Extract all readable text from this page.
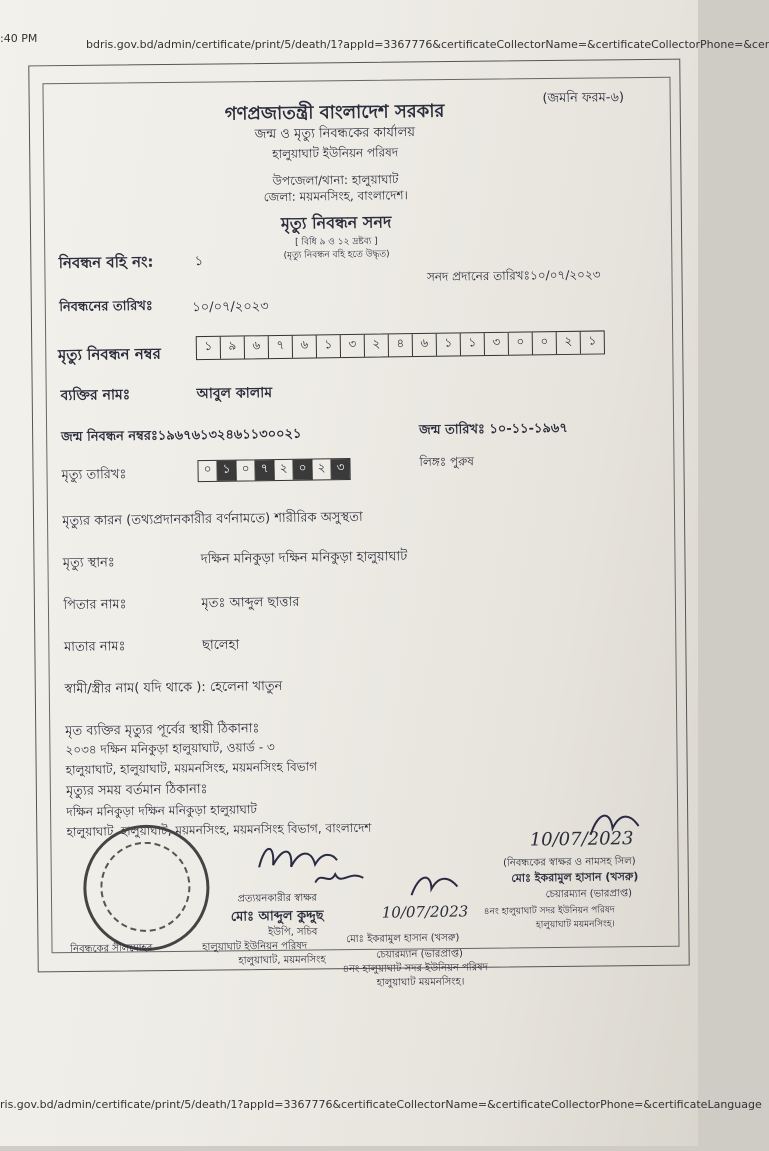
:40 PM	bdris.gov.bd/admin/certificate/print/5/death/1?appId=3367776&certificateCollectorName=&certificateCollectorPhone=&cer
গণপ্রজাতন্ত্রী বাংলাদেশ সরকার
(জমনি ফরম-৬)
জন্ম ও মৃত্যু নিবন্ধকের কার্যালয়
হালুয়াঘাট ইউনিয়ন পরিষদ
উপজেলা/থানা: হালুয়াঘাট
জেলা: ময়মনসিংহ, বাংলাদেশ।
মৃত্যু নিবন্ধন সনদ
[ বিধি ৯ ও ১২ দ্রষ্টব্য ]
(মৃত্যু নিবন্ধন বহি হতে উদ্ধৃত)
নিবন্ধন বহি নং:	১
সনদ প্রদানের তারিখঃ১০/০৭/২০২৩
নিবন্ধনের তারিখঃ	১০/০৭/২০২৩
মৃত্যু নিবন্ধন নম্বর	১	৯	৬	৭	৬	১	৩	২	৪	৬	১	১	৩	০	০	২	১
ব্যক্তির নামঃ	আবুল কালাম
জন্ম নিবন্ধন নম্বরঃ১৯৬৭৬১৩২৪৬১১৩০০২১	জন্ম তারিখঃ ১০-১১-১৯৬৭
মৃত্যু তারিখঃ	০ ১ ০ ৭ ২ ০ ২ ৩	লিঙ্গঃ পুরুষ
মৃত্যুর কারন (তথ্যপ্রদানকারীর বর্ণনামতে) শারীরিক অসুস্থতা
মৃত্যু স্থানঃ	দক্ষিন মনিকুড়া দক্ষিন মনিকুড়া হালুয়াঘাট
পিতার নামঃ	মৃতঃ আব্দুল ছাত্তার
মাতার নামঃ	ছালেহা
স্বামী/স্ত্রীর নাম( যদি থাকে ): হেলেনা খাতুন
মৃত ব্যক্তির মৃত্যুর পূর্বের স্থায়ী ঠিকানাঃ
২০৩৪ দক্ষিন মনিকুড়া হালুয়াঘাট, ওয়ার্ড - ৩
হালুয়াঘাট, হালুয়াঘাট, ময়মনসিংহ, ময়মনসিংহ বিভাগ
মৃত্যুর সময় বর্তমান ঠিকানাঃ
দক্ষিন মনিকুড়া দক্ষিন মনিকুড়া হালুয়াঘাট
হালুয়াঘাট, হালুয়াঘাট, ময়মনসিংহ, ময়মনসিংহ বিভাগ, বাংলাদেশ
প্রত্যয়নকারীর স্বাক্ষর
মোঃ আব্দুল কুদ্দুছ
ইউপি, সচিব
নিবন্ধকের সীলমোহর	হালুয়াঘাট ইউনিয়ন পরিষদ
হালুয়াঘাট, ময়মনসিংহ
10/07/2023
মোঃ ইকরামুল হাসান (খসরু)
চেয়ারম্যান (ভারপ্রাপ্ত)
৪নং হালুয়াঘাট সদর ইউনিয়ন পরিষদ
হালুয়াঘাট ময়মনসিংহ।
10/07/2023
(নিবন্ধকের স্বাক্ষর ও নামসহ সিল)
মোঃ ইকরামুল হাসান (খসরু)
চেয়ারম্যান (ভারপ্রাপ্ত)
৪নং হালুয়াঘাট সদর ইউনিয়ন পরিষদ
হালুয়াঘাট ময়মনসিংহ।
ris.gov.bd/admin/certificate/print/5/death/1?appId=3367776&certificateCollectorName=&certificateCollectorPhone=&certificateLanguage
